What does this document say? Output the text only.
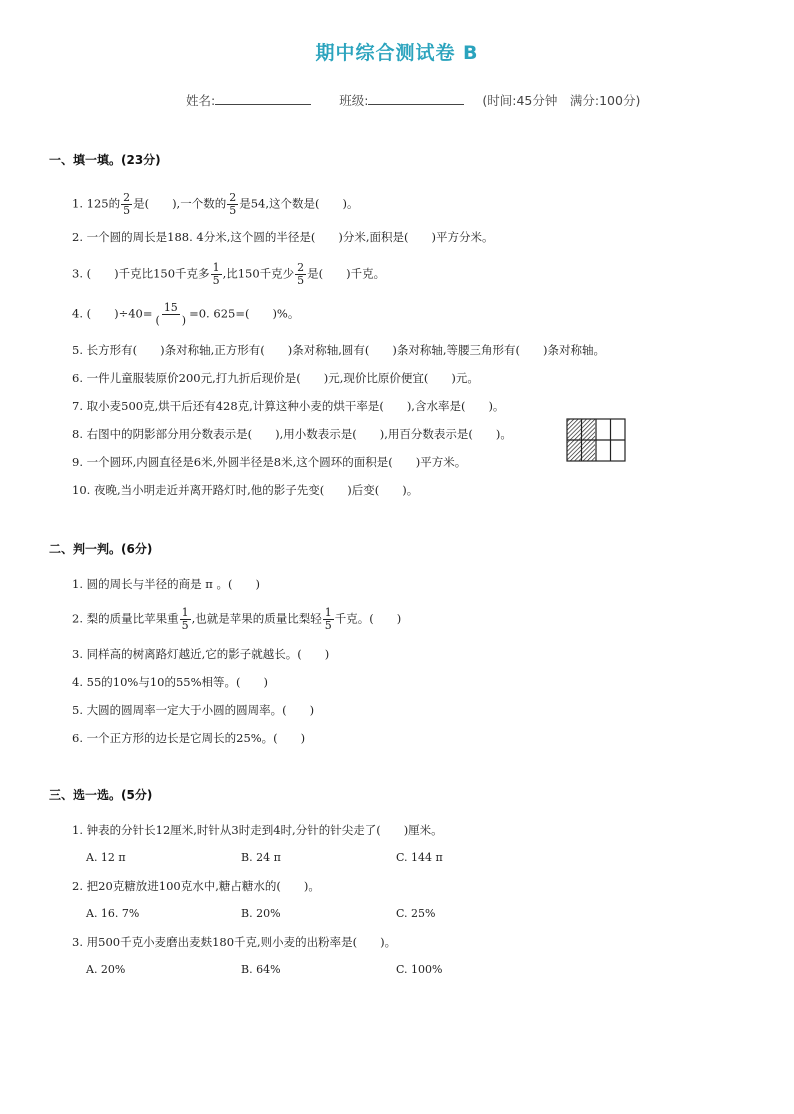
期中综合测试卷 B
姓名:	班级:	(时间:45分钟　满分:100分)
一、填一填。(23分)
1. 125的 $\frac{2}{5}$ 是(　　),一个数的 $\frac{2}{5}$ 是54,这个数是(　　)。
2. 一个圆的周长是188. 4分米,这个圆的半径是(　　)分米,面积是(　　)平方分米。
3. (　　)千克比150千克多 $\frac{1}{5}$ ,比150千克少 $\frac{2}{5}$ 是(　　)千克。
4. (　　)$\div 40= \frac{15}{( )} =0$. 625=(　　)%。
5. 长方形有(　　)条对称轴,正方形有(　　)条对称轴,圆有(　　)条对称轴,等腰三角形有(　　)条对称轴。
6. 一件儿童服装原价200元,打九折后现价是(　　)元,现价比原价便宜(　　)元。
7. 取小麦500克,烘干后还有428克,计算这种小麦的烘干率是(　　),含水率是(　　)。
8. 右图中的阴影部分用分数表示是(　　),用小数表示是(　　),用百分数表示是(　　)。
9. 一个圆环,内圆直径是6米,外圆半径是8米,这个圆环的面积是(　　)平方米。
10. 夜晚,当小明走近并离开路灯时,他的影子先变(　　)后变(　　)。
二、判一判。(6分)
1. 圆的周长与半径的商是 π 。(　　)
2. 梨的质量比苹果重 $\frac{1}{5}$ ,也就是苹果的质量比梨轻 $\frac{1}{5}$ 千克。(　　)
3. 同样高的树离路灯越近,它的影子就越长。(　　)
4. 55的10%与10的55%相等。(　　)
5. 大圆的圆周率一定大于小圆的圆周率。(　　)
6. 一个正方形的边长是它周长的25%。(　　)
三、选一选。(5分)
1. 钟表的分针长12厘米,时针从3时走到4时,分针的针尖走了(　　)厘米。
A. 12 π	B. 24 π	C. 144 π
2. 把20克糖放进100克水中,糖占糖水的(　　)。
A. 16. 7%	B. 20%	C. 25%
3. 用500千克小麦磨出麦麸180千克,则小麦的出粉率是(　　)。
A. 20%	B. 64%	C. 100%
